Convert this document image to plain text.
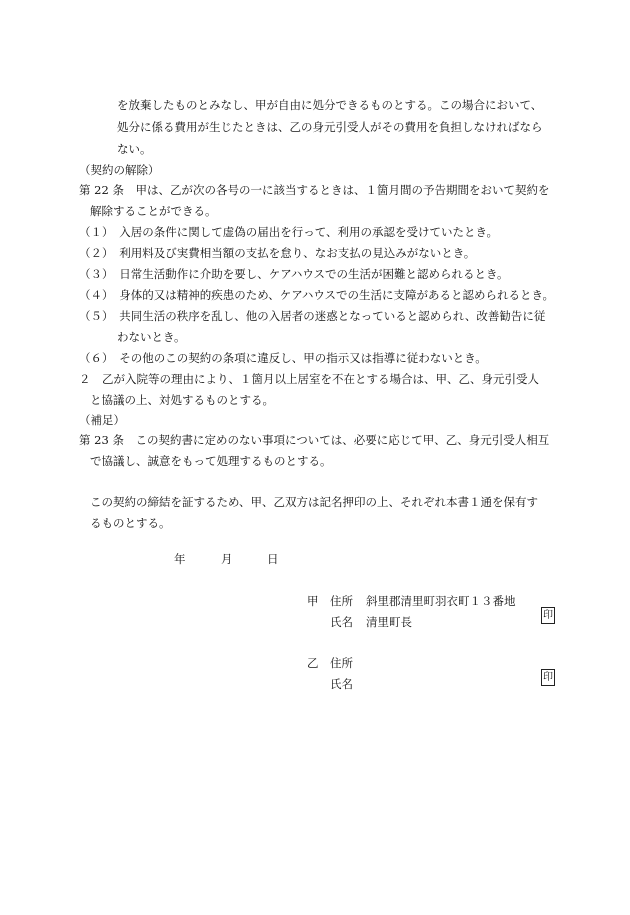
を放棄したものとみなし、甲が自由に処分できるものとする。この場合において、
処分に係る費用が生じたときは、乙の身元引受人がその費用を負担しなければなら
ない。
（契約の解除）
第 22 条　甲は、乙が次の各号の一に該当するときは、１箇月間の予告期間をおいて契約を
解除することができる。
（１）　入居の条件に関して虚偽の届出を行って、利用の承認を受けていたとき。
（２）　利用料及び実費相当額の支払を怠り、なお支払の見込みがないとき。
（３）　日常生活動作に介助を要し、ケアハウスでの生活が困難と認められるとき。
（４）　身体的又は精神的疾患のため、ケアハウスでの生活に支障があると認められるとき。
（５）　共同生活の秩序を乱し、他の入居者の迷惑となっていると認められ、改善勧告に従
わないとき。
（６）　その他のこの契約の条項に違反し、甲の指示又は指導に従わないとき。
２　乙が入院等の理由により、１箇月以上居室を不在とする場合は、甲、乙、身元引受人
と協議の上、対処するものとする。
（補足）
第 23 条　この契約書に定めのない事項については、必要に応じて甲、乙、身元引受人相互
で協議し、誠意をもって処理するものとする。
この契約の締結を証するため、甲、乙双方は記名押印の上、それぞれ本書１通を保有す
るものとする。
年	月	日
甲 住所 斜里郡清里町羽衣町１３番地
氏名 清里町長	印
乙 住所
氏名	印
